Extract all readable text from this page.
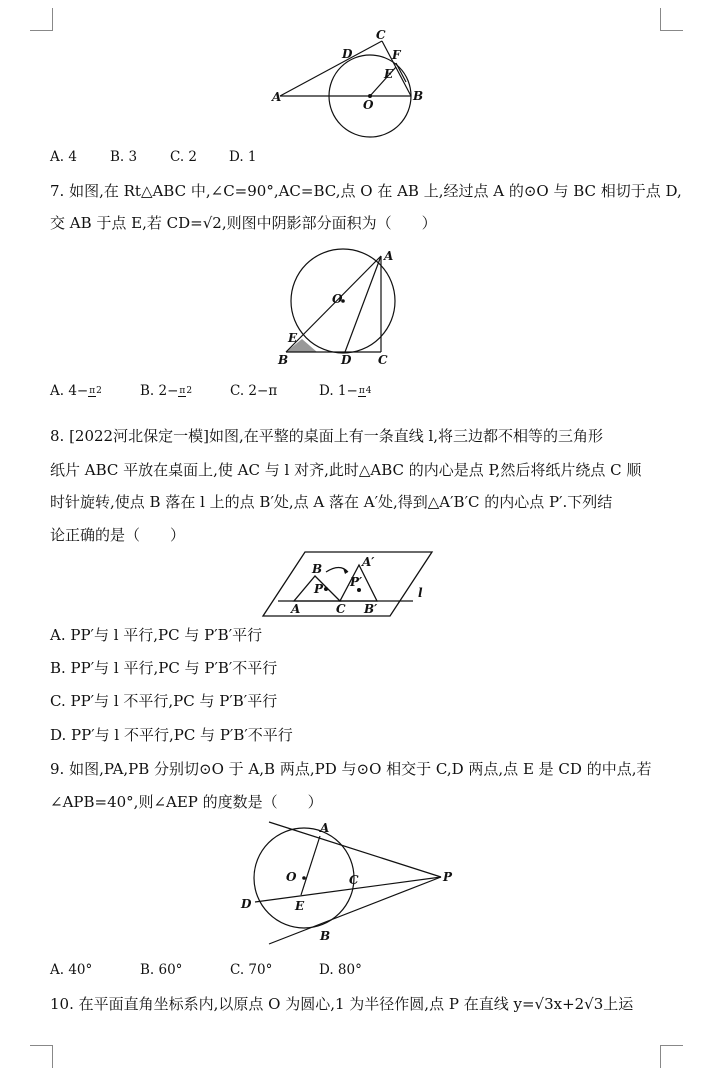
A
C
D	F
E
O
B
A. 4 B. 3 C. 2 D. 1
7. 如图,在 Rt△ABC 中,∠C=90°,AC=BC,点 O 在 AB 上,经过点 A 的⊙O 与 BC 相切于点 D,
交 AB 于点 E,若 CD=√2,则图中阴影部分面积为（　　）
A
O
E
B	D C
A. 4−π2	B. 2−π2	C. 2−π	D. 1−π4
8. [2022河北保定一模]如图,在平整的桌面上有一条直线 l,将三边都不相等的三角形
纸片 ABC 平放在桌面上,使 AC 与 l 对齐,此时△ABC 的内心是点 P,然后将纸片绕点 C 顺
时针旋转,使点 B 落在 l 上的点 B′处,点 A 落在 A′处,得到△A′B′C 的内心点 P′.下列结
论正确的是（　　）
B	A′
P P′
l
A	C B′
A. PP′与 l 平行,PC 与 P′B′平行
B. PP′与 l 平行,PC 与 P′B′不平行
C. PP′与 l 不平行,PC 与 P′B′平行
D. PP′与 l 不平行,PC 与 P′B′不平行
9. 如图,PA,PB 分别切⊙O 于 A,B 两点,PD 与⊙O 相交于 C,D 两点,点 E 是 CD 的中点,若
∠APB=40°,则∠AEP 的度数是（　　）
A
O	C	P
D	E
B
A. 40°	B. 60°	C. 70°	D. 80°
10. 在平面直角坐标系内,以原点 O 为圆心,1 为半径作圆,点 P 在直线 y=√3x+2√3上运
